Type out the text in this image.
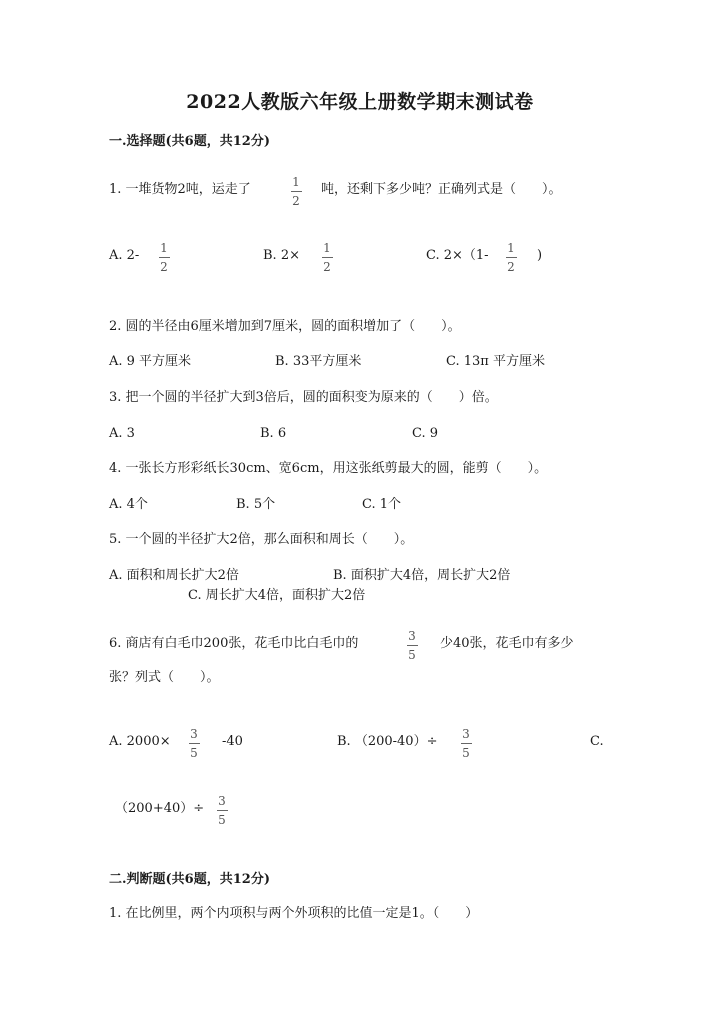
2022人教版六年级上册数学期末测试卷
一.选择题(共6题，共12分)
1. 一堆货物2吨，运走了	1
2
吨，还剩下多少吨？正确列式是（　　）。
A. 2- 1
2
B. 2× 1
2
C. 2×（1- 1
2
)
2. 圆的半径由6厘米增加到7厘米，圆的面积增加了（　　）。
A. 9 平方厘米	B. 33平方厘米	C. 13π 平方厘米
3. 把一个圆的半径扩大到3倍后，圆的面积变为原来的（　　）倍。
A. 3	B. 6	C. 9
4. 一张长方形彩纸长30cm、宽6cm，用这张纸剪最大的圆，能剪（　　）。
A. 4个	B. 5个	C. 1个
5. 一个圆的半径扩大2倍，那么面积和周长（　　）。
A. 面积和周长扩大2倍	B. 面积扩大4倍，周长扩大2倍
C. 周长扩大4倍，面积扩大2倍
6. 商店有白毛巾200张，花毛巾比白毛巾的	3
5
少40张，花毛巾有多少
张？列式（　　）。
A. 2000× 3
5
-40	B. （200-40）÷ 3
5
C.
（200+40）÷ 3
5
二.判断题(共6题，共12分)
1. 在比例里，两个内项积与两个外项积的比值一定是1。（　　）
